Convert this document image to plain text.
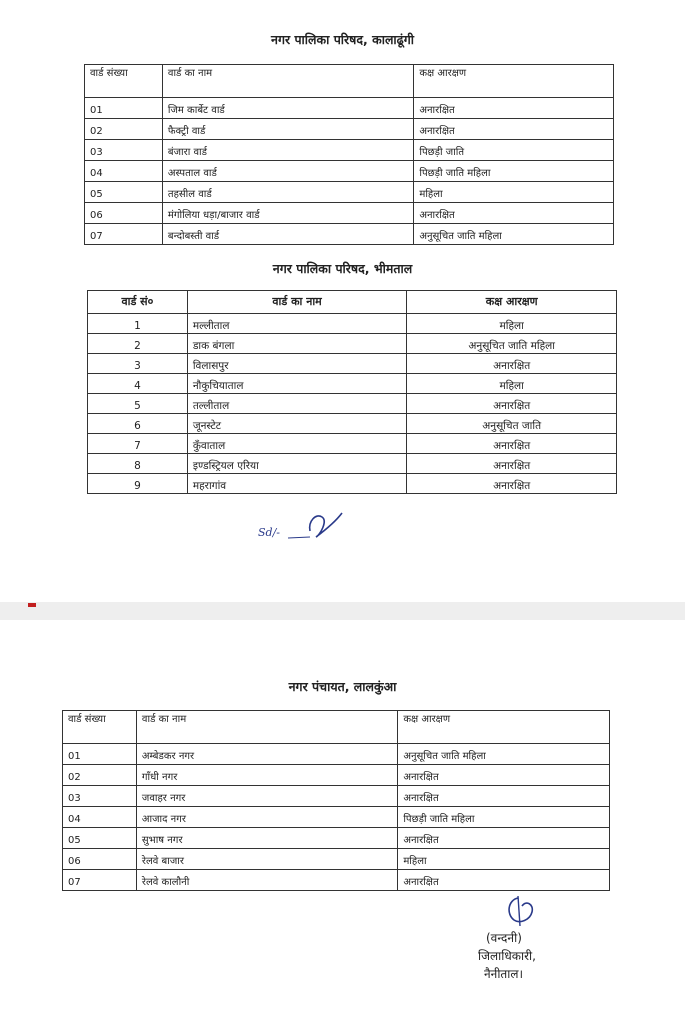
नगर पालिका परिषद, कालाढूंगी
वार्ड संख्या	वार्ड का नाम	कक्ष आरक्षण
01	जिम कार्बेट वार्ड	अनारक्षित
02	फैक्ट्री वार्ड	अनारक्षित
03	बंजारा वार्ड	पिछड़ी जाति
04	अस्पताल वार्ड	पिछड़ी जाति महिला
05	तहसील वार्ड	महिला
06	मंगोलिया धड़ा/बाजार वार्ड	अनारक्षित
07	बन्दोबस्ती वार्ड	अनुसूचित जाति महिला
नगर पालिका परिषद, भीमताल
वार्ड सं०	वार्ड का नाम	कक्ष आरक्षण
1	मल्लीताल	महिला
2	डाक बंगला	अनुसूचित जाति महिला
3	विलासपुर	अनारक्षित
4	नौकुचियाताल	महिला
5	तल्लीताल	अनारक्षित
6	जूनस्टेट	अनुसूचित जाति
7	कुँवाताल	अनारक्षित
8	इण्डस्ट्रियल एरिया	अनारक्षित
9	महरागांव	अनारक्षित
Sd/-
नगर पंचायत, लालकुंआ
वार्ड संख्या	वार्ड का नाम	कक्ष आरक्षण
01	अम्बेडकर नगर	अनुसूचित जाति महिला
02	गाँधी नगर	अनारक्षित
03	जवाहर नगर	अनारक्षित
04	आजाद नगर	पिछड़ी जाति महिला
05	सुभाष नगर	अनारक्षित
06	रेलवे बाजार	महिला
07	रेलवे कालौनी	अनारक्षित
(वन्दनी)
जिलाधिकारी,
नैनीताल।
